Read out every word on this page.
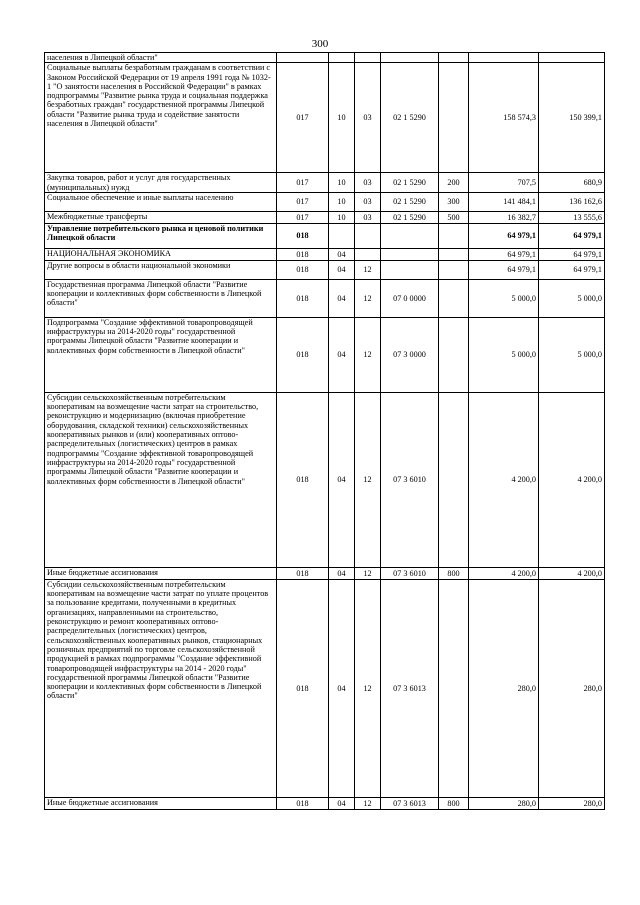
300
населения в Липецкой области"							
Социальные выплаты безработным гражданам в соответствии с Законом Российской Федерации от 19 апреля 1991 года № 1032-1 "О занятости населения в Российской Федерации" в рамках подпрограммы "Развитие рынка труда и социальная поддержка безработных граждан" государственной программы Липецкой области "Развитие рынка труда и содействие занятости населения в Липецкой области"	017	10	03	02 1 5290		158 574,3	150 399,1
Закупка товаров, работ и услуг для государственных (муниципальных) нужд	017	10	03	02 1 5290	200	707,5	680,9
Социальное обеспечение и иные выплаты населению	017	10	03	02 1 5290	300	141 484,1	136 162,6
Межбюджетные трансферты	017	10	03	02 1 5290	500	16 382,7	13 555,6
Управление потребительского рынка и ценовой политики Липецкой области	018					64 979,1	64 979,1
НАЦИОНАЛЬНАЯ ЭКОНОМИКА	018	04				64 979,1	64 979,1
Другие вопросы в области национальной экономики	018	04	12			64 979,1	64 979,1
Государственная программа Липецкой области "Развитие кооперации и коллективных форм собственности в Липецкой области"	018	04	12	07 0 0000		5 000,0	5 000,0
Подпрограмма "Создание эффективной товаропроводящей инфраструктуры на 2014-2020 годы" государственной программы Липецкой области "Развитие кооперации и коллективных форм собственности в Липецкой области"	018	04	12	07 3 0000		5 000,0	5 000,0
Субсидии сельскохозяйственным потребительским кооперативам на возмещение части затрат на строительство, реконструкцию и модернизацию (включая приобретение оборудования, складской техники) сельскохозяйственных кооперативных рынков и (или) кооперативных оптово-распределительных (логистических) центров в рамках подпрограммы "Создание эффективной товаропроводящей инфраструктуры на 2014-2020 годы" государственной программы Липецкой области "Развитие кооперации и коллективных форм собственности в Липецкой области"	018	04	12	07 3 6010		4 200,0	4 200,0
Иные бюджетные ассигнования	018	04	12	07 3 6010	800	4 200,0	4 200,0
Субсидии сельскохозяйственным потребительским кооперативам на возмещение части затрат по уплате процентов за пользование кредитами, полученными в кредитных организациях, направленными на строительство, реконструкцию и ремонт кооперативных оптово-распределительных (логистических) центров, сельскохозяйственных кооперативных рынков, стационарных розничных предприятий по торговле сельскохозяйственной продукцией в рамках подпрограммы "Создание эффективной товаропроводящей инфраструктуры на 2014 - 2020 годы" государственной программы Липецкой области "Развитие кооперации и коллективных форм собственности в Липецкой области"	018	04	12	07 3 6013		280,0	280,0
Иные бюджетные ассигнования	018	04	12	07 3 6013	800	280,0	280,0
